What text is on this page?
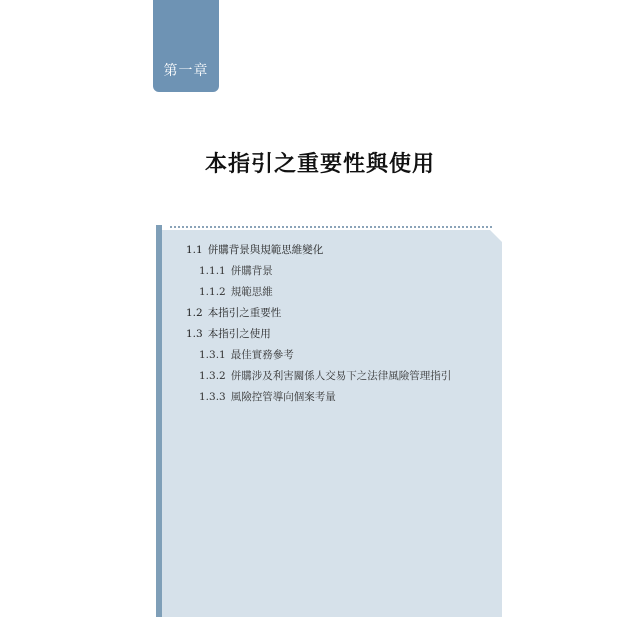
第一章
本指引之重要性與使用
1.1 併購背景與規範思維變化
1.1.1 併購背景
1.1.2 規範思維
1.2 本指引之重要性
1.3 本指引之使用
1.3.1 最佳實務參考
1.3.2 併購涉及利害關係人交易下之法律風險管理指引
1.3.3 風險控管導向個案考量
